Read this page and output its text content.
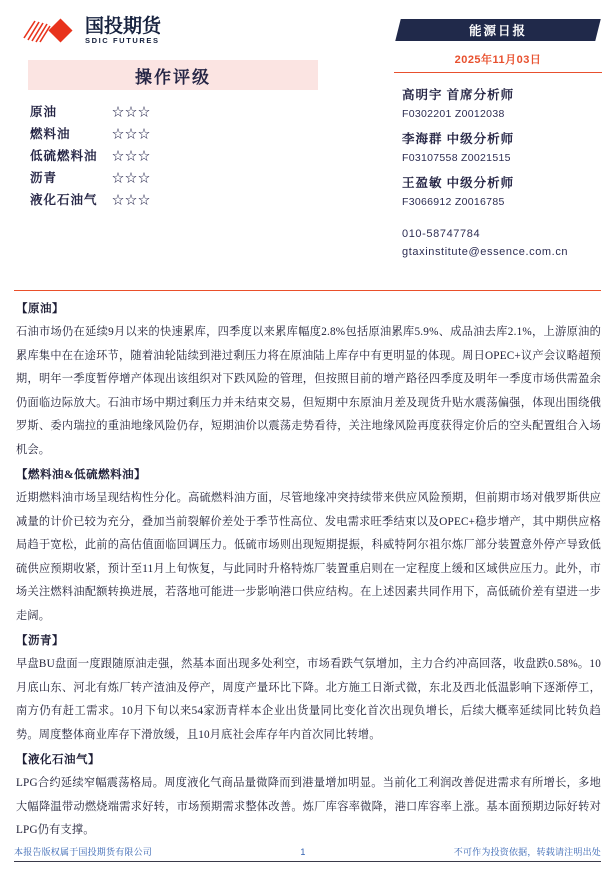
国投期货
SDIC FUTURES
操作评级
原油	☆☆☆
燃料油	☆☆☆
低硫燃料油	☆☆☆
沥青	☆☆☆
液化石油气	☆☆☆
能源日报
2025年11月03日
高明宇 首席分析师
F0302201 Z0012038
李海群 中级分析师
F03107558 Z0021515
王盈敏 中级分析师
F3066912 Z0016785
010-58747784
gtaxinstitute@essence.com.cn

【原油】

石油市场仍在延续9月以来的快速累库，四季度以来累库幅度2.8%包括原油累库5.9%、成品油去库2.1%，上游原油的累库集中在在途环节，随着油轮陆续到港过剩压力将在原油陆上库存中有更明显的体现。周日OPEC+议产会议略超预期，明年一季度暂停增产体现出该组织对下跌风险的管理，但按照目前的增产路径四季度及明年一季度市场供需盈余仍面临边际放大。石油市场中期过剩压力并未结束交易，但短期中东原油月差及现货升贴水震荡偏强，体现出围绕俄罗斯、委内瑞拉的重油地缘风险仍存，短期油价以震荡走势看待，关注地缘风险再度获得定价后的空头配置组合入场机会。

【燃料油&低硫燃料油】

近期燃料油市场呈现结构性分化。高硫燃料油方面，尽管地缘冲突持续带来供应风险预期，但前期市场对俄罗斯供应减量的计价已较为充分，叠加当前裂解价差处于季节性高位、发电需求旺季结束以及OPEC+稳步增产，其中期供应格局趋于宽松，此前的高估值面临回调压力。低硫市场则出现短期提振，科威特阿尔祖尔炼厂部分装置意外停产导致低硫供应预期收紧，预计至11月上旬恢复，与此同时升格特炼厂装置重启则在一定程度上缓和区域供应压力。此外，市场关注燃料油配额转换进展，若落地可能进一步影响港口供应结构。在上述因素共同作用下，高低硫价差有望进一步走阔。

【沥青】

早盘BU盘面一度跟随原油走强，然基本面出现多处利空，市场看跌气氛增加，主力合约冲高回落，收盘跌0.58%。10月底山东、河北有炼厂转产渣油及停产，周度产量环比下降。北方施工日渐式微，东北及西北低温影响下逐渐停工，南方仍有赶工需求。10月下旬以来54家沥青样本企业出货量同比变化首次出现负增长，后续大概率延续同比转负趋势。周度整体商业库存下滑放缓，且10月底社会库存年内首次同比转增。

【液化石油气】

LPG合约延续窄幅震荡格局。周度液化气商品量微降而到港量增加明显。当前化工利润改善促进需求有所增长，多地大幅降温带动燃烧端需求好转，市场预期需求整体改善。炼厂库容率微降，港口库容率上涨。基本面预期边际好转对LPG仍有支撑。

本报告版权属于国投期货有限公司	1	不可作为投资依据，转载请注明出处
